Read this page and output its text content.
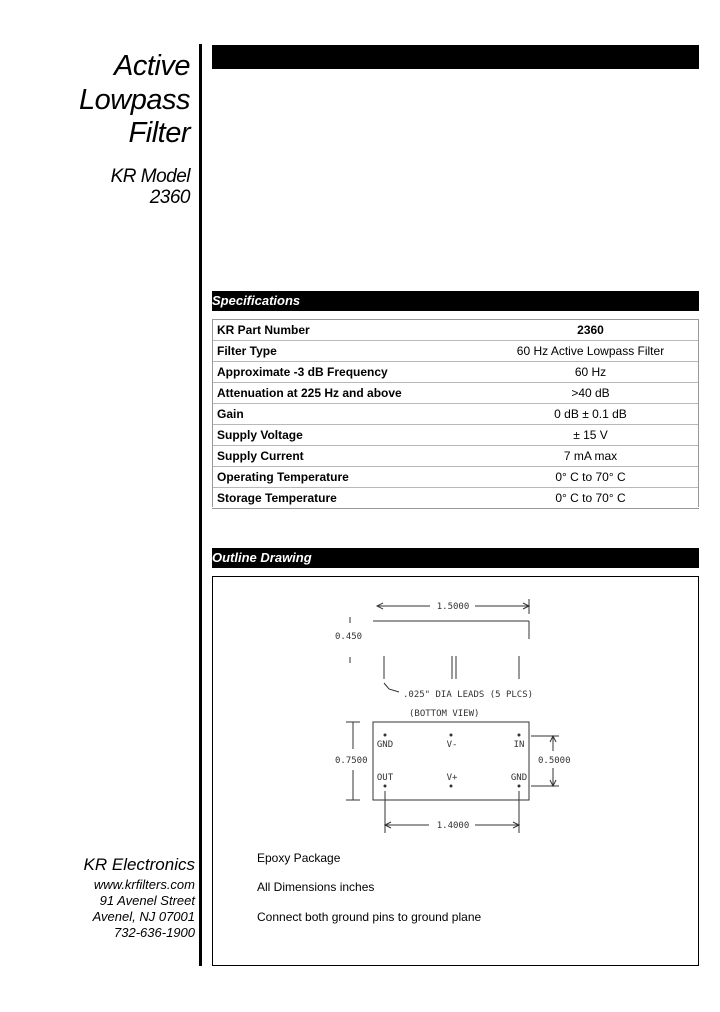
Active
Lowpass
Filter
KR Model
2360
Specifications
KR Part Number	2360
Filter Type	60 Hz Active Lowpass Filter
Approximate -3 dB Frequency	60 Hz
Attenuation at 225 Hz and above	>40 dB
Gain	0 dB ± 0.1 dB
Supply Voltage	± 15 V
Supply Current	7 mA max
Operating Temperature	0° C to 70° C
Storage Temperature	0° C to 70° C
Outline Drawing
1.5000
0.450
.025" DIA LEADS (5 PLCS)
(BOTTOM VIEW)
0.7500	0.5000
1.4000
GND	V-	IN
OUT	V+	GND
Epoxy Package
All Dimensions inches
Connect both ground pins to ground plane
KR Electronics
www.krfilters.com
91 Avenel Street
Avenel, NJ 07001
732-636-1900
